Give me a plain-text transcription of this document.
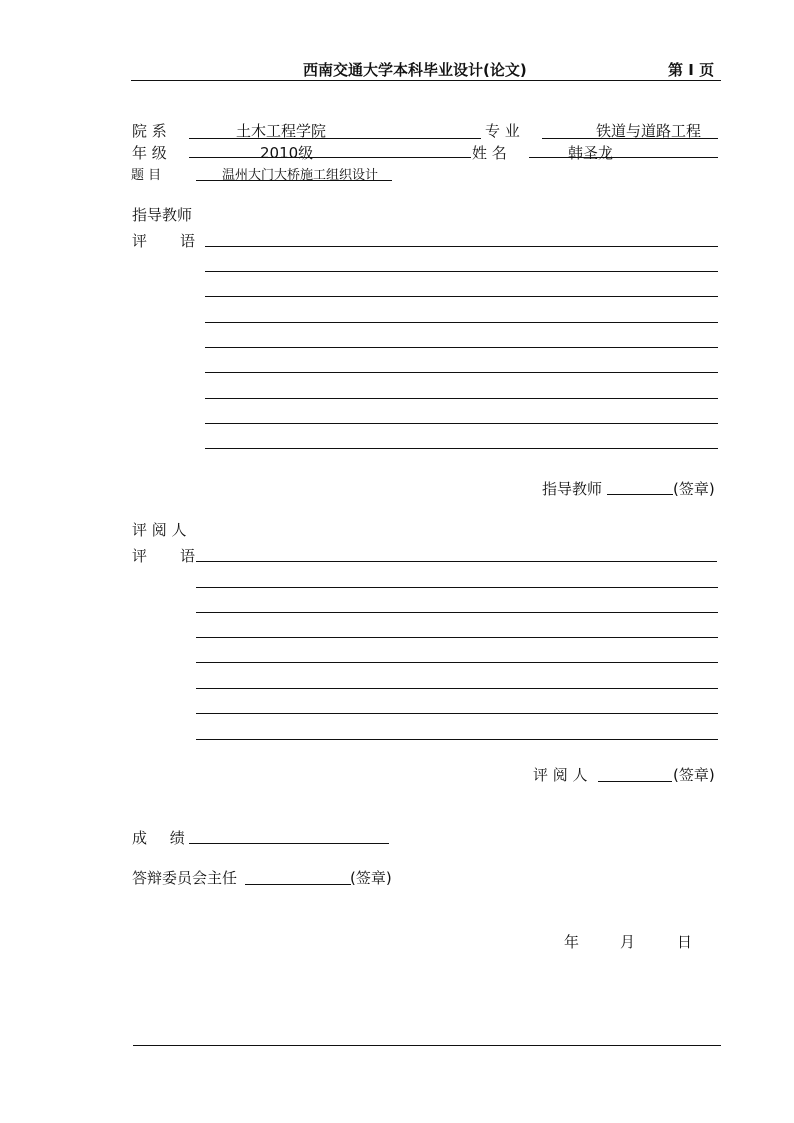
西南交通大学本科毕业设计(论文)	第 I 页
院 系	土木工程学院	专 业	铁道与道路工程
年 级	2010级	姓 名	韩圣龙
题 目	温州大门大桥施工组织设计
指导教师
评 语
指导教师	(签章)
评 阅 人
评 语
评 阅 人	(签章)
成 绩
答辩委员会主任	(签章)
年	月	日
